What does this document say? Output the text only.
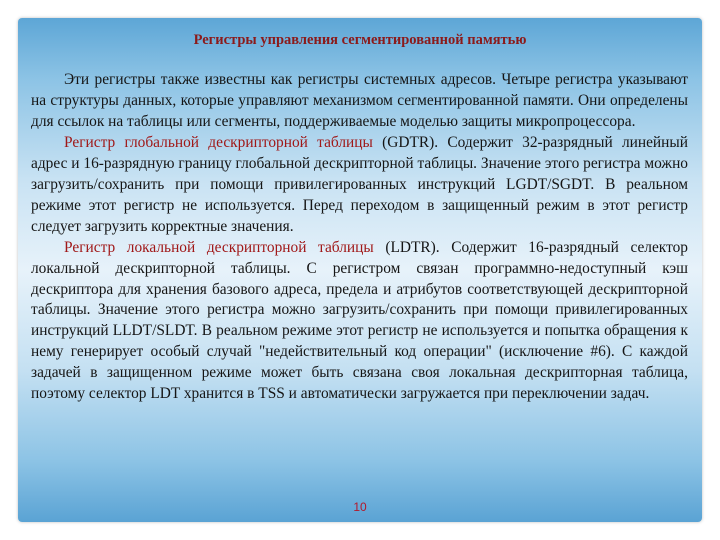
Регистры управления сегментированной памятью

Эти регистры также известны как регистры системных адресов. Четыре регистра указывают на структуры данных, которые управляют механизмом сегментированной памяти. Они определены для ссылок на таблицы или сегменты, поддерживаемые моделью защиты микропроцессора.

Регистр глобальной дескрипторной таблицы (GDTR). Содержит 32-разрядный линейный адрес и 16-разрядную границу глобальной дескрипторной таблицы. Значение этого регистра можно загрузить/сохранить при помощи привилегированных инструкций LGDT/SGDT. В реальном режиме этот регистр не используется. Перед переходом в защищенный режим в этот регистр следует загрузить корректные значения.

Регистр локальной дескрипторной таблицы (LDTR). Содержит 16-разрядный селектор локальной дескрипторной таблицы. С регистром связан программно-недоступный кэш дескриптора для хранения базового адреса, предела и атрибутов соответствующей дескрипторной таблицы. Значение этого регистра можно загрузить/сохранить при помощи привилегированных инструкций LLDT/SLDT. В реальном режиме этот регистр не используется и попытка обращения к нему генерирует особый случай "недействительный код операции" (исключение #6). С каждой задачей в защищенном режиме может быть связана своя локальная дескрипторная таблица, поэтому селектор LDT хранится в TSS и автоматически загружается при переключении задач.

10
